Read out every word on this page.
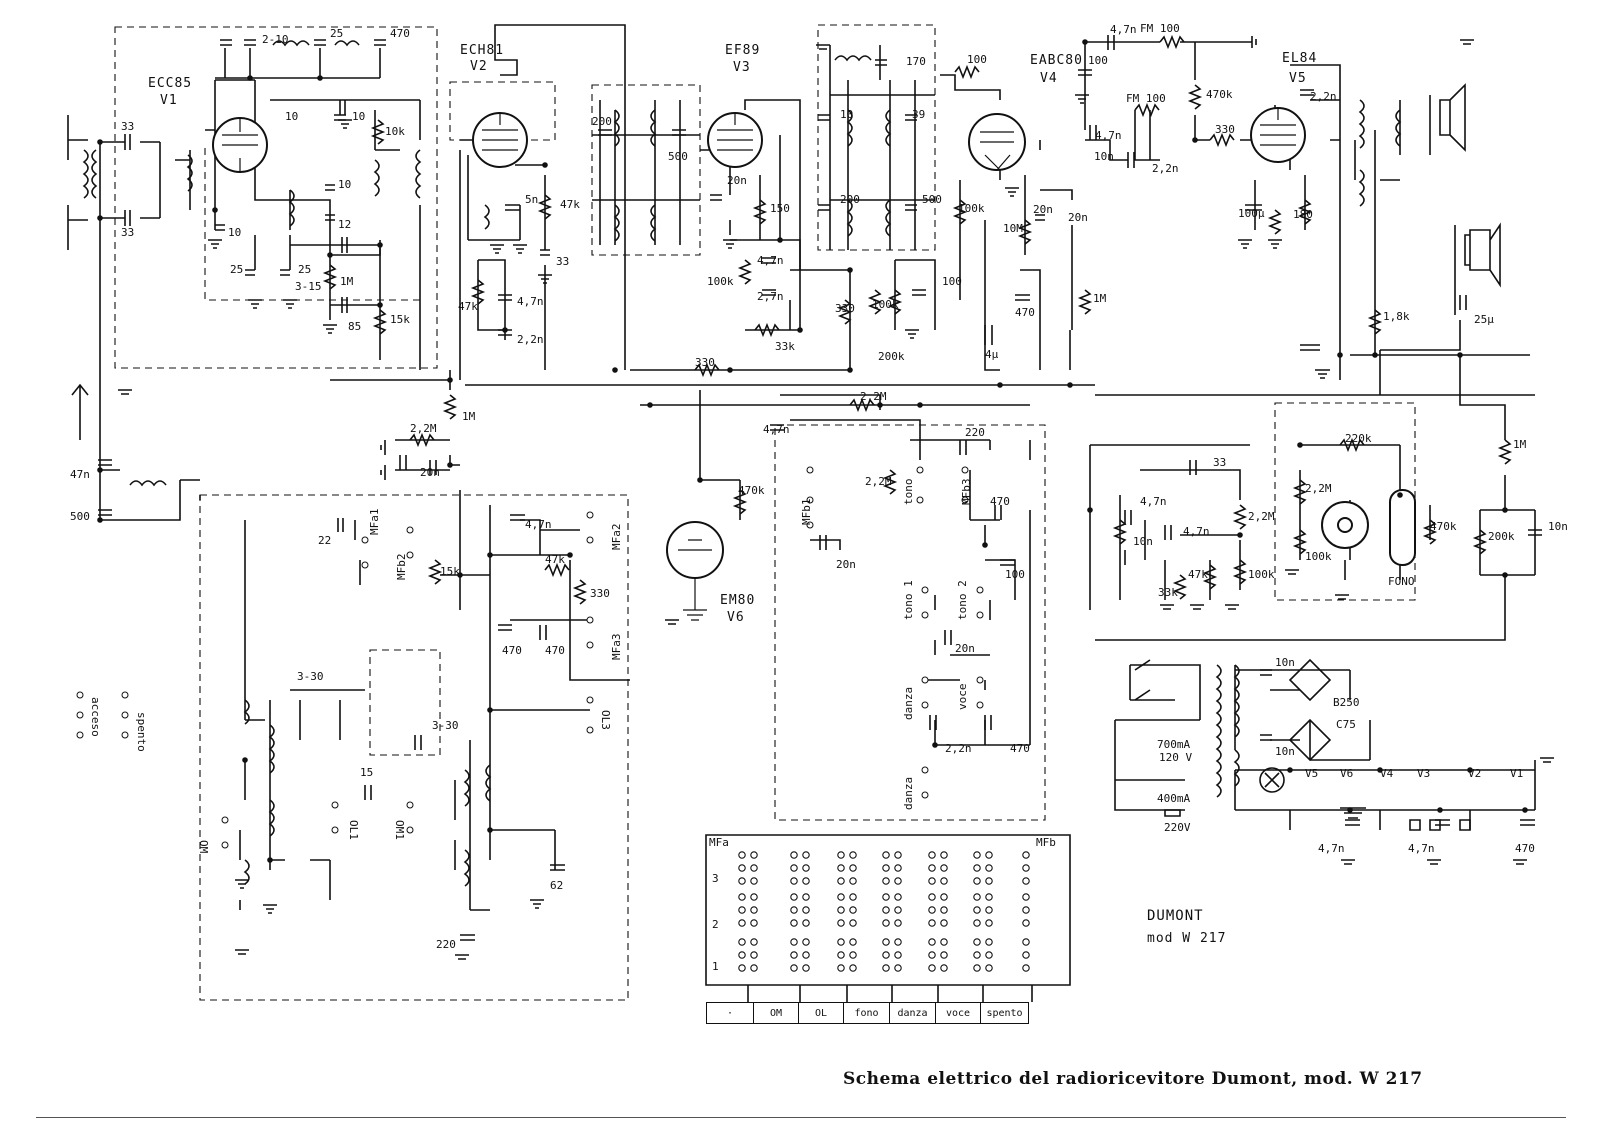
ECC85
V1
ECH81
V2
EF89
V3	EABC80
V4
EL84
V5
EM80
V6
B250
C75
700mA
120 V
400mA
220V
V5 V6 V4 V3	V2	V1
acceso	spento
MFa1
MFb2
MFa2
MFa3
MFb1
MFb3
tono
tono 1	tono 2
danza	voce
danza
OM
OL1	OM1
OL3
FONO
33
33
2-10	25	470
10	10
10k
10
12
10
25	25
3-15 1M
85
15k
5n 47k
33
47k	4,7n
2,2n
200
500
20n
150
100k
4,7n
2,7n
330
33k
170	100
10	39
200	500
100
100k
200k
20n
4,7n
2,2M
2,2M
20n
470k
100
10M
1M
470
4µ
20n
100k
4,7n
FM 100
FM 100	470k
10n
2,2n
330
100µ	180
2,2n
1,8k	25µ
1M
200k
10n
470k
330
2,2M
1M
20n
4,7n
22
15k
47k
330
470 470
4,7n
220
470
100
20n
2,2n	470
33
4,7n
2,2M
4,7n
10n
100k
33k
47k
220k
2,2M
100k
3-30
3-30
15
62
220
47n
500
10n
10n
4,7n	4,7n	470
MFa	MFb
3
2
1
DUMONT
mod W 217
·	OM	OL	fono	danza	voce	spento
Schema elettrico del radioricevitore Dumont, mod. W 217
